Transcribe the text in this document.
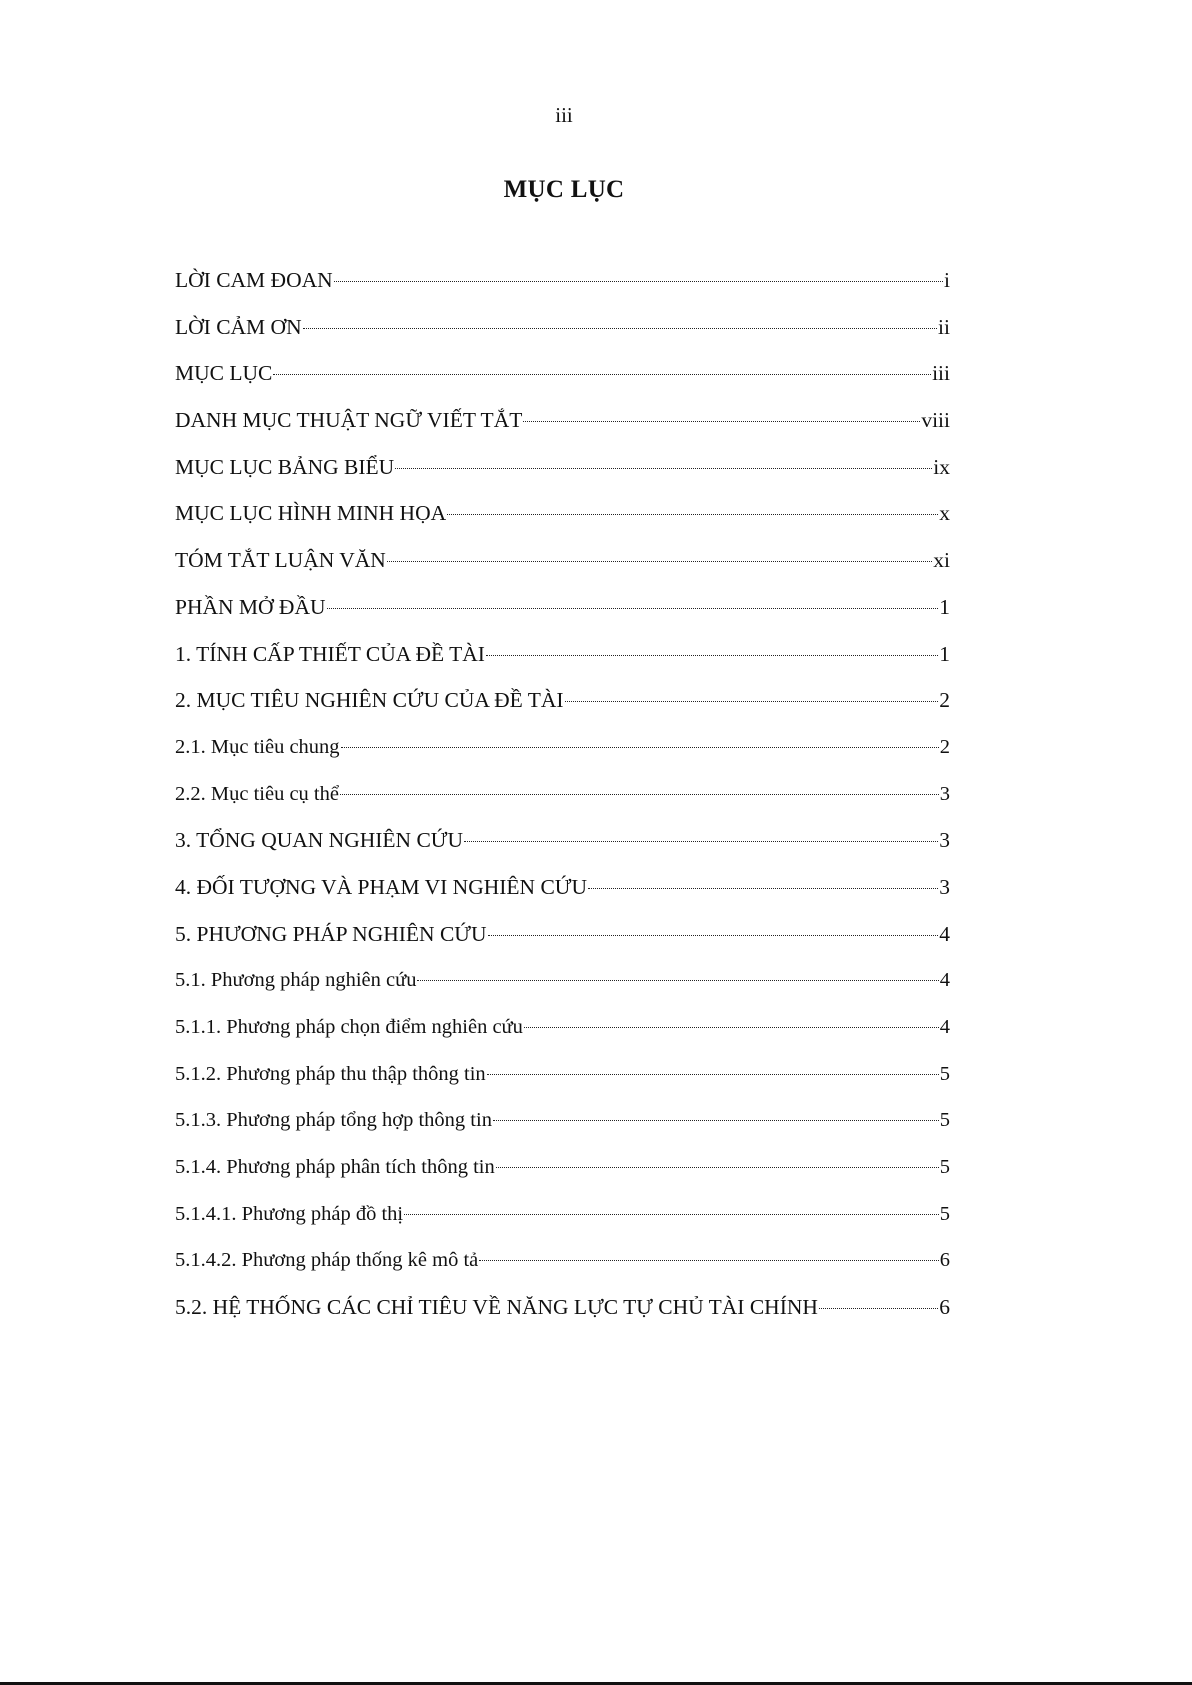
iii
MỤC LỤC
LỜI CAM ĐOAN	i
LỜI CẢM ƠN	ii
MỤC LỤC	iii
DANH MỤC THUẬT NGỮ VIẾT TẮT	viii
MỤC LỤC BẢNG BIỂU	ix
MỤC LỤC HÌNH MINH HỌA	x
TÓM TẮT LUẬN VĂN	xi
PHẦN MỞ ĐẦU	1
1. TÍNH CẤP THIẾT CỦA ĐỀ TÀI	1
2. MỤC TIÊU NGHIÊN CỨU CỦA ĐỀ TÀI	2
2.1. Mục tiêu chung	2
2.2. Mục tiêu cụ thể	3
3. TỔNG QUAN NGHIÊN CỨU	3
4. ĐỐI TƯỢNG VÀ PHẠM VI NGHIÊN CỨU	3
5. PHƯƠNG PHÁP NGHIÊN CỨU	4
5.1. Phương pháp nghiên cứu	4
5.1.1. Phương pháp chọn điểm nghiên cứu	4
5.1.2. Phương pháp thu thập thông tin	5
5.1.3. Phương pháp tổng hợp thông tin	5
5.1.4. Phương pháp phân tích thông tin	5
5.1.4.1. Phương pháp đồ thị	5
5.1.4.2. Phương pháp thống kê mô tả	6
5.2. HỆ THỐNG CÁC CHỈ TIÊU VỀ NĂNG LỰC TỰ CHỦ TÀI CHÍNH	6
